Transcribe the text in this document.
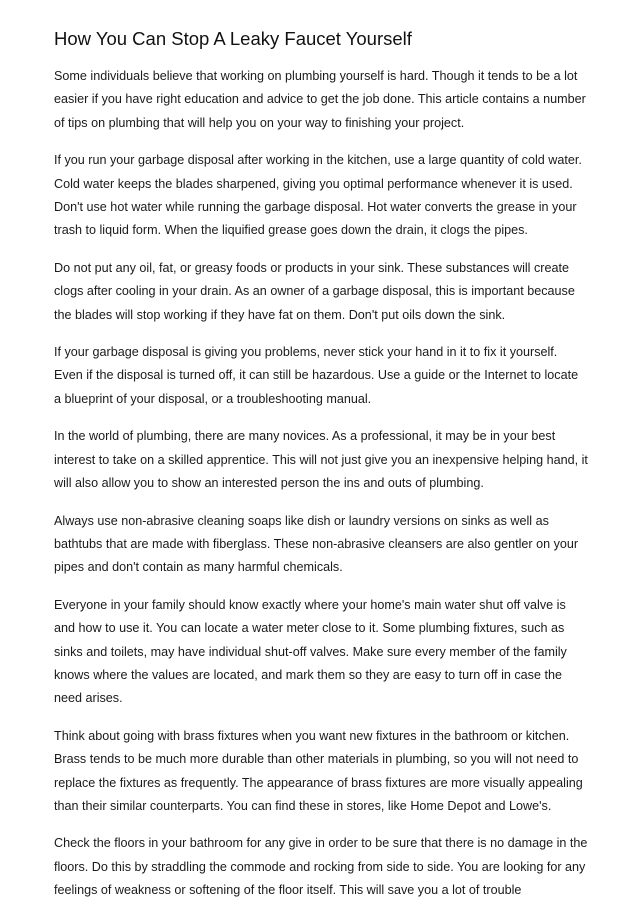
How You Can Stop A Leaky Faucet Yourself

Some individuals believe that working on plumbing yourself is hard. Though it tends to be a lot easier if you have right education and advice to get the job done. This article contains a number of tips on plumbing that will help you on your way to finishing your project.

If you run your garbage disposal after working in the kitchen, use a large quantity of cold water. Cold water keeps the blades sharpened, giving you optimal performance whenever it is used. Don't use hot water while running the garbage disposal. Hot water converts the grease in your trash to liquid form. When the liquified grease goes down the drain, it clogs the pipes.

Do not put any oil, fat, or greasy foods or products in your sink. These substances will create clogs after cooling in your drain. As an owner of a garbage disposal, this is important because the blades will stop working if they have fat on them. Don't put oils down the sink.

If your garbage disposal is giving you problems, never stick your hand in it to fix it yourself. Even if the disposal is turned off, it can still be hazardous. Use a guide or the Internet to locate a blueprint of your disposal, or a troubleshooting manual.

In the world of plumbing, there are many novices. As a professional, it may be in your best interest to take on a skilled apprentice. This will not just give you an inexpensive helping hand, it will also allow you to show an interested person the ins and outs of plumbing.

Always use non-abrasive cleaning soaps like dish or laundry versions on sinks as well as bathtubs that are made with fiberglass. These non-abrasive cleansers are also gentler on your pipes and don't contain as many harmful chemicals.

Everyone in your family should know exactly where your home's main water shut off valve is and how to use it. You can locate a water meter close to it. Some plumbing fixtures, such as sinks and toilets, may have individual shut-off valves. Make sure every member of the family knows where the values are located, and mark them so they are easy to turn off in case the need arises.

Think about going with brass fixtures when you want new fixtures in the bathroom or kitchen. Brass tends to be much more durable than other materials in plumbing, so you will not need to replace the fixtures as frequently. The appearance of brass fixtures are more visually appealing than their similar counterparts. You can find these in stores, like Home Depot and Lowe's.

Check the floors in your bathroom for any give in order to be sure that there is no damage in the floors. Do this by straddling the commode and rocking from side to side. You are looking for any feelings of weakness or softening of the floor itself. This will save you a lot of trouble
